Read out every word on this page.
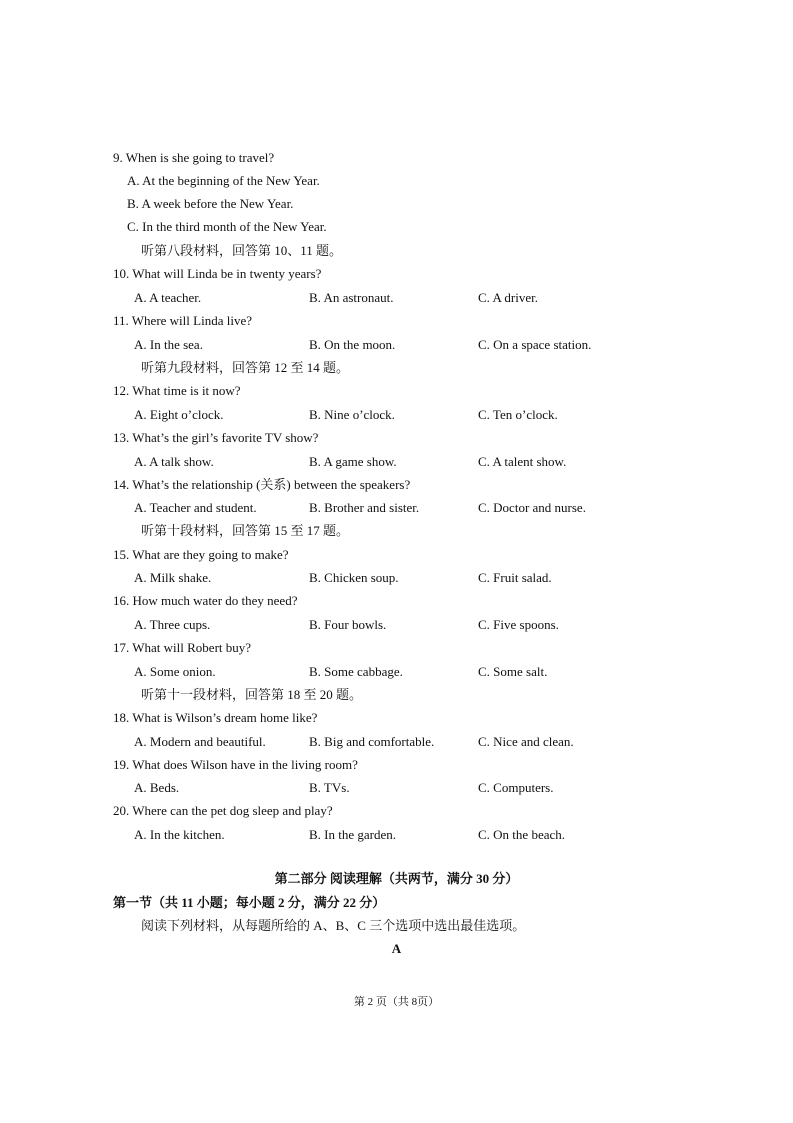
9. When is she going to travel?
A. At the beginning of the New Year.
B. A week before the New Year.
C. In the third month of the New Year.
听第八段材料，回答第 10、11 题。
10. What will Linda be in twenty years?
A. A teacher.	B. An astronaut.	C. A driver.
11. Where will Linda live?
A. In the sea.	B. On the moon.	C. On a space station.
听第九段材料，回答第 12 至 14 题。
12. What time is it now?
A. Eight o’clock.	B. Nine o’clock.	C. Ten o’clock.
13. What’s the girl’s favorite TV show?
A. A talk show.	B. A game show.	C. A talent show.
14. What’s the relationship (关系) between the speakers?
A. Teacher and student.	B. Brother and sister.	C. Doctor and nurse.
听第十段材料，回答第 15 至 17 题。
15. What are they going to make?
A. Milk shake.	B. Chicken soup.	C. Fruit salad.
16. How much water do they need?
A. Three cups.	B. Four bowls.	C. Five spoons.
17. What will Robert buy?
A. Some onion.	B. Some cabbage.	C. Some salt.
听第十一段材料，回答第 18 至 20 题。
18. What is Wilson’s dream home like?
A. Modern and beautiful.	B. Big and comfortable.	C. Nice and clean.
19. What does Wilson have in the living room?
A. Beds.	B. TVs.	C. Computers.
20. Where can the pet dog sleep and play?
A. In the kitchen.	B. In the garden.	C. On the beach.
第二部分 阅读理解（共两节，满分 30 分）
第一节（共 11 小题；每小题 2 分，满分 22 分）
阅读下列材料，从每题所给的 A、B、C 三个选项中选出最佳选项。
A
第 2 页（共 8页）
